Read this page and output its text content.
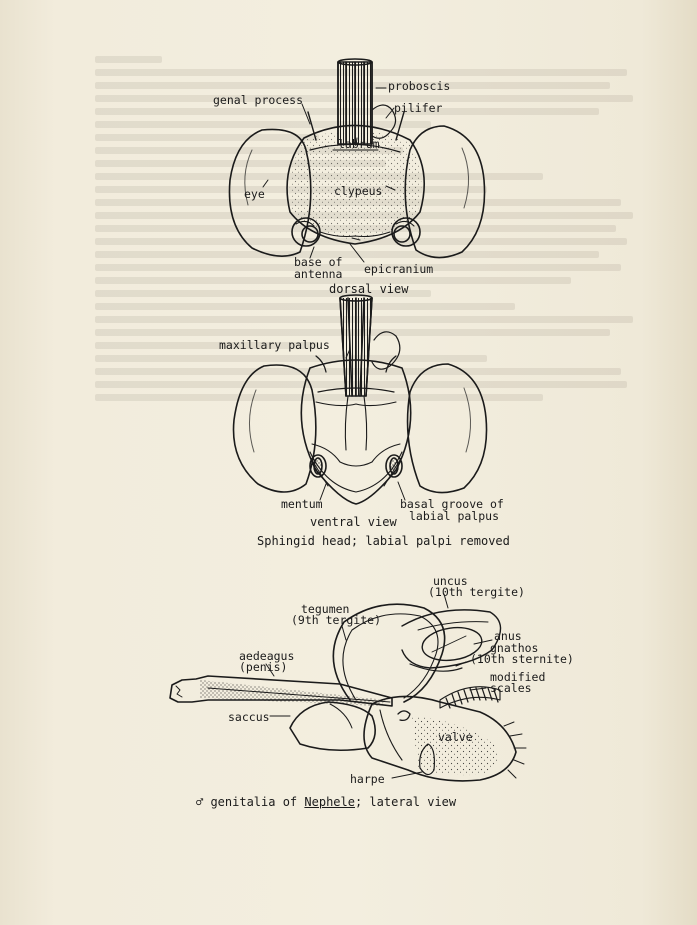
proboscis
genal process
pilifer
labrum
eye	clypeus
base of
antenna epicranium
dorsal view
maxillary palpus
mentum	basal groove of
labial palpus
ventral view
Sphingid head; labial palpi removed
uncus
(10th tergite)
tegumen
(9th tergite)
anus
gnathos
(10th sternite)
aedeagus
(penis)
modified
scales
saccus
valve
harpe
♂ genitalia of Nephele; lateral view
